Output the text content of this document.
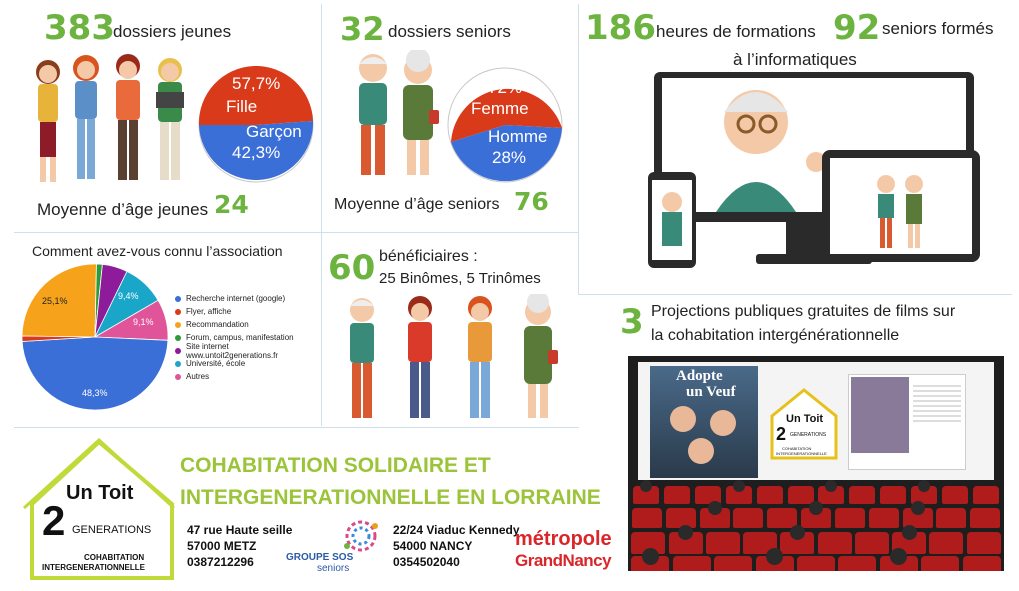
383
dossiers jeunes
57,7%
Fille
Garçon
42,3%
Moyenne d’âge jeunes 24
32 dossiers seniors
72%
Femme
Homme
28%
Moyenne d’âge seniors 76
186 heures de formations 92 seniors formés
à l’informatiques
Comment avez-vous connu l’association
48,3%
25,1%	9,4%
9,1%
Recherche internet (google)
Flyer, affiche
Recommandation
Forum, campus, manifestation
Site internet www.untoit2generations.fr
Université, école
Autres
60 bénéficiaires :
25 Binômes, 5 Trinômes
3 Projections publiques gratuites de films sur
la cohabitation intergénérationnelle
Adopte
un Veuf
Un Toit
2 GENERATIONS
COHABITATION
INTERGENERATIONNELLE
Un Toit
2 GENERATIONS
COHABITATION
INTERGENERATIONNELLE
COHABITATION SOLIDAIRE ET
INTERGENERATIONNELLE EN LORRAINE
47 rue Haute seille
57000 METZ
0387212296	GROUPE SOS
seniors
22/24 Viaduc Kennedy
54000 NANCY
0354502040
métropole
GrandNancy
